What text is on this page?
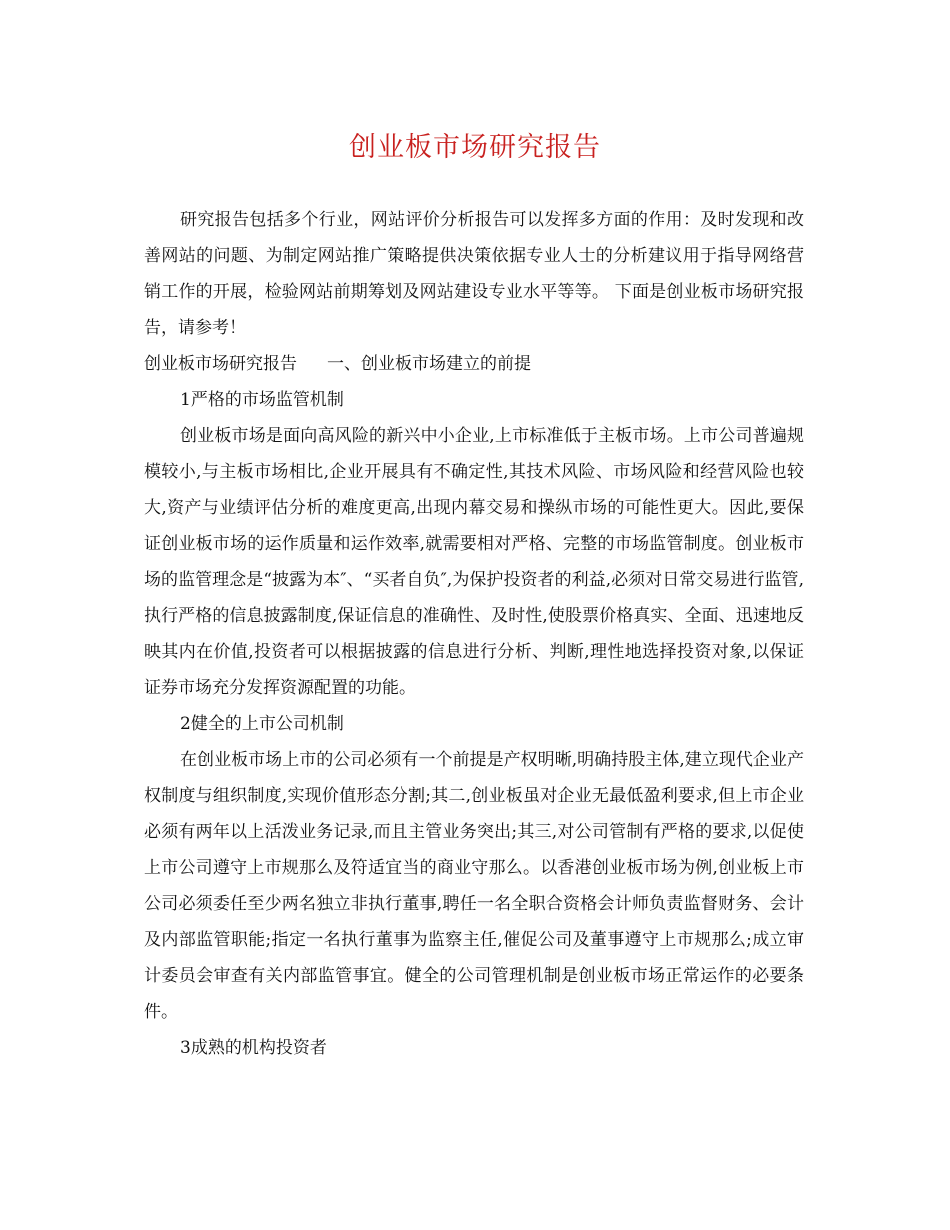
创业板市场研究报告

研究报告包括多个行业，网站评价分析报告可以发挥多方面的作用：及时发现和改善网站的问题、为制定网站推广策略提供决策依据专业人士的分析建议用于指导网络营销工作的开展，检验网站前期筹划及网站建设专业水平等等。 下面是创业板市场研究报告，请参考！

创业板市场研究报告 一、创业板市场建立的前提

1严格的市场监管机制

创业板市场是面向高风险的新兴中小企业,上市标准低于主板市场。上市公司普遍规模较小,与主板市场相比,企业开展具有不确定性,其技术风险、市场风险和经营风险也较大,资产与业绩评估分析的难度更高,出现内幕交易和操纵市场的可能性更大。因此,要保证创业板市场的运作质量和运作效率,就需要相对严格、完整的市场监管制度。创业板市场的监管理念是“披露为本″、“买者自负″,为保护投资者的利益,必须对日常交易进行监管,执行严格的信息披露制度,保证信息的准确性、及时性,使股票价格真实、全面、迅速地反映其内在价值,投资者可以根据披露的信息进行分析、判断,理性地选择投资对象,以保证证券市场充分发挥资源配置的功能。

2健全的上市公司机制

在创业板市场上市的公司必须有一个前提是产权明晰,明确持股主体,建立现代企业产权制度与组织制度,实现价值形态分割;其二,创业板虽对企业无最低盈利要求,但上市企业必须有两年以上活泼业务记录,而且主管业务突出;其三,对公司管制有严格的要求,以促使上市公司遵守上市规那么及符适宜当的商业守那么。以香港创业板市场为例,创业板上市公司必须委任至少两名独立非执行董事,聘任一名全职合资格会计师负责监督财务、会计及内部监管职能;指定一名执行董事为监察主任,催促公司及董事遵守上市规那么;成立审计委员会审查有关内部监管事宜。健全的公司管理机制是创业板市场正常运作的必要条件。

3成熟的机构投资者
